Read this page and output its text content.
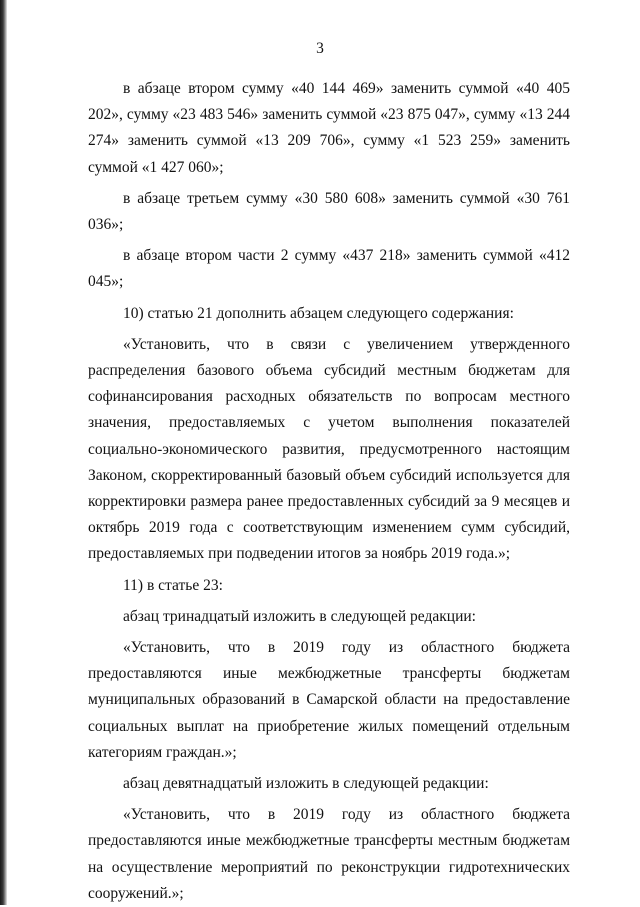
3

в абзаце втором сумму «40 144 469» заменить суммой «40 405 202», сумму «23 483 546» заменить суммой «23 875 047», сумму «13 244 274» заменить суммой «13 209 706», сумму «1 523 259» заменить суммой «1 427 060»;

в абзаце третьем сумму «30 580 608» заменить суммой «30 761 036»;

в абзаце втором части 2 сумму «437 218» заменить суммой «412 045»;

10) статью 21 дополнить абзацем следующего содержания:

«Установить, что в связи с увеличением утвержденного распределения базового объема субсидий местным бюджетам для софинансирования расходных обязательств по вопросам местного значения, предоставляемых с учетом выполнения показателей социально-экономического развития, предусмотренного настоящим Законом, скорректированный базовый объем субсидий используется для корректировки размера ранее предоставленных субсидий за 9 месяцев и октябрь 2019 года с соответствующим изменением сумм субсидий, предоставляемых при подведении итогов за ноябрь 2019 года.»;

11) в статье 23:

абзац тринадцатый изложить в следующей редакции:

«Установить, что в 2019 году из областного бюджета предоставляются иные межбюджетные трансферты бюджетам муниципальных образований в Самарской области на предоставление социальных выплат на приобретение жилых помещений отдельным категориям граждан.»;

абзац девятнадцатый изложить в следующей редакции:

«Установить, что в 2019 году из областного бюджета предоставляются иные межбюджетные трансферты местным бюджетам на осуществление мероприятий по реконструкции гидротехнических сооружений.»;
